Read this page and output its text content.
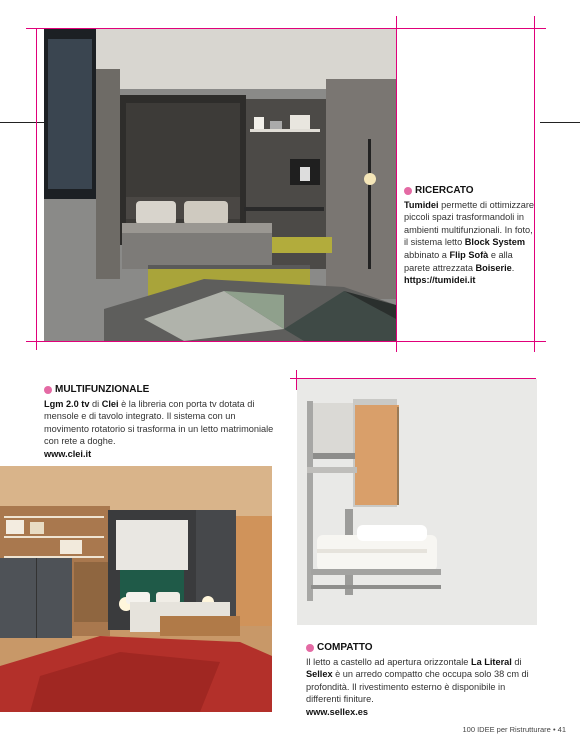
RICERCATO
Tumidei permette di ottimizzare piccoli spazi trasformandoli in ambienti multifunzionali. In foto, il sistema letto Block System abbinato a Flip Sofà e alla parete attrezzata Boiserie.
https://tumidei.it
MULTIFUNZIONALE
Lgm 2.0 tv di Clei è la libreria con porta tv dotata di mensole e di tavolo integrato. Il sistema con un movimento rotatorio si trasforma in un letto matrimoniale con rete a doghe.
www.clei.it
COMPATTO
Il letto a castello ad apertura orizzontale La Literal di Sellex è un arredo compatto che occupa solo 38 cm di profondità. Il rivestimento esterno è disponibile in differenti finiture.
www.sellex.es
100 IDEE per Ristrutturare • 41
